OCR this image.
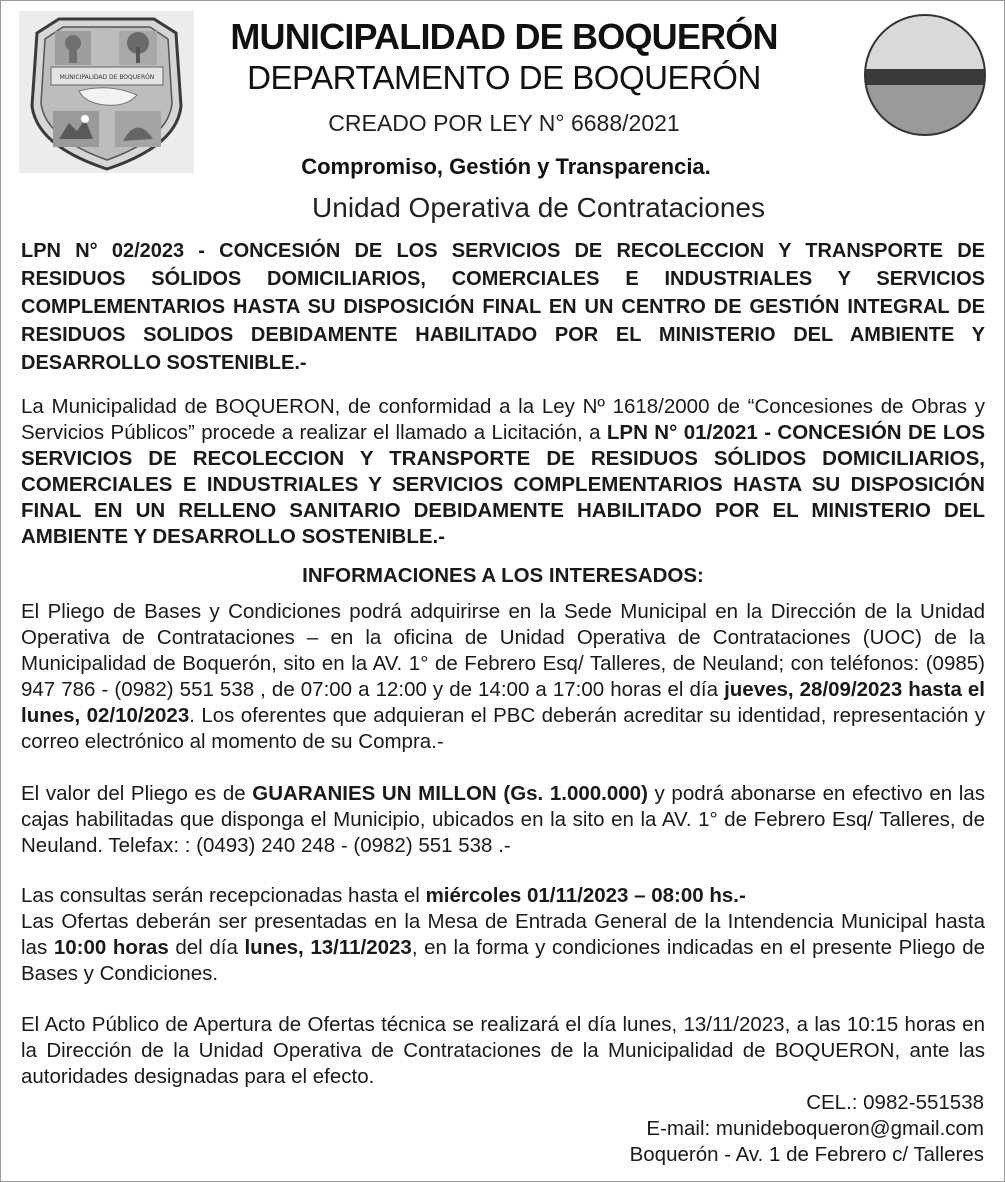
MUNICIPALIDAD DE BOQUERÓN
MUNICIPALIDAD DE BOQUERÓN
DEPARTAMENTO DE BOQUERÓN
CREADO POR LEY N° 6688/2021
Compromiso, Gestión y Transparencia.
Unidad Operativa de Contrataciones
LPN N° 02/2023 - CONCESIÓN DE LOS SERVICIOS DE RECOLECCION Y TRANSPORTE DE RESIDUOS SÓLIDOS DOMICILIARIOS, COMERCIALES E INDUSTRIALES Y SERVICIOS COMPLEMENTARIOS HASTA SU DISPOSICIÓN FINAL EN UN CENTRO DE GESTIÓN INTEGRAL DE RESIDUOS SOLIDOS DEBIDAMENTE HABILITADO POR EL MINISTERIO DEL AMBIENTE Y DESARROLLO SOSTENIBLE.-
La Municipalidad de BOQUERON, de conformidad a la Ley Nº 1618/2000 de “Concesiones de Obras y Servicios Públicos” procede a realizar el llamado a Licitación, a LPN N° 01/2021 - CONCESIÓN DE LOS SERVICIOS DE RECOLECCION Y TRANSPORTE DE RESIDUOS SÓLIDOS DOMICILIARIOS, COMERCIALES E INDUSTRIALES Y SERVICIOS COMPLEMENTARIOS HASTA SU DISPOSICIÓN FINAL EN UN RELLENO SANITARIO DEBIDAMENTE HABILITADO POR EL MINISTERIO DEL AMBIENTE Y DESARROLLO SOSTENIBLE.-
INFORMACIONES A LOS INTERESADOS:
El Pliego de Bases y Condiciones podrá adquirirse en la Sede Municipal en la Dirección de la Unidad Operativa de Contrataciones – en la oficina de Unidad Operativa de Contrataciones (UOC) de la Municipalidad de Boquerón, sito en la AV. 1° de Febrero Esq/ Talleres, de Neuland; con teléfonos: (0985) 947 786 - (0982) 551 538 , de 07:00 a 12:00 y de 14:00 a 17:00 horas el día jueves, 28/09/2023 hasta el lunes, 02/10/2023. Los oferentes que adquieran el PBC deberán acreditar su identidad, representación y correo electrónico al momento de su Compra.-
El valor del Pliego es de GUARANIES UN MILLON (Gs. 1.000.000) y podrá abonarse en efectivo en las cajas habilitadas que disponga el Municipio, ubicados en la sito en la AV. 1° de Febrero Esq/ Talleres, de Neuland. Telefax: : (0493) 240 248 - (0982) 551 538 .-
Las consultas serán recepcionadas hasta el miércoles 01/11/2023 – 08:00 hs.-
Las Ofertas deberán ser presentadas en la Mesa de Entrada General de la Intendencia Municipal hasta las 10:00 horas del día lunes, 13/11/2023, en la forma y condiciones indicadas en el presente Pliego de Bases y Condiciones.
El Acto Público de Apertura de Ofertas técnica se realizará el día lunes, 13/11/2023, a las 10:15 horas en la Dirección de la Unidad Operativa de Contrataciones de la Municipalidad de BOQUERON, ante las autoridades designadas para el efecto.
CEL.: 0982-551538
E-mail: munideboqueron@gmail.com
Boquerón - Av. 1 de Febrero c/ Talleres
